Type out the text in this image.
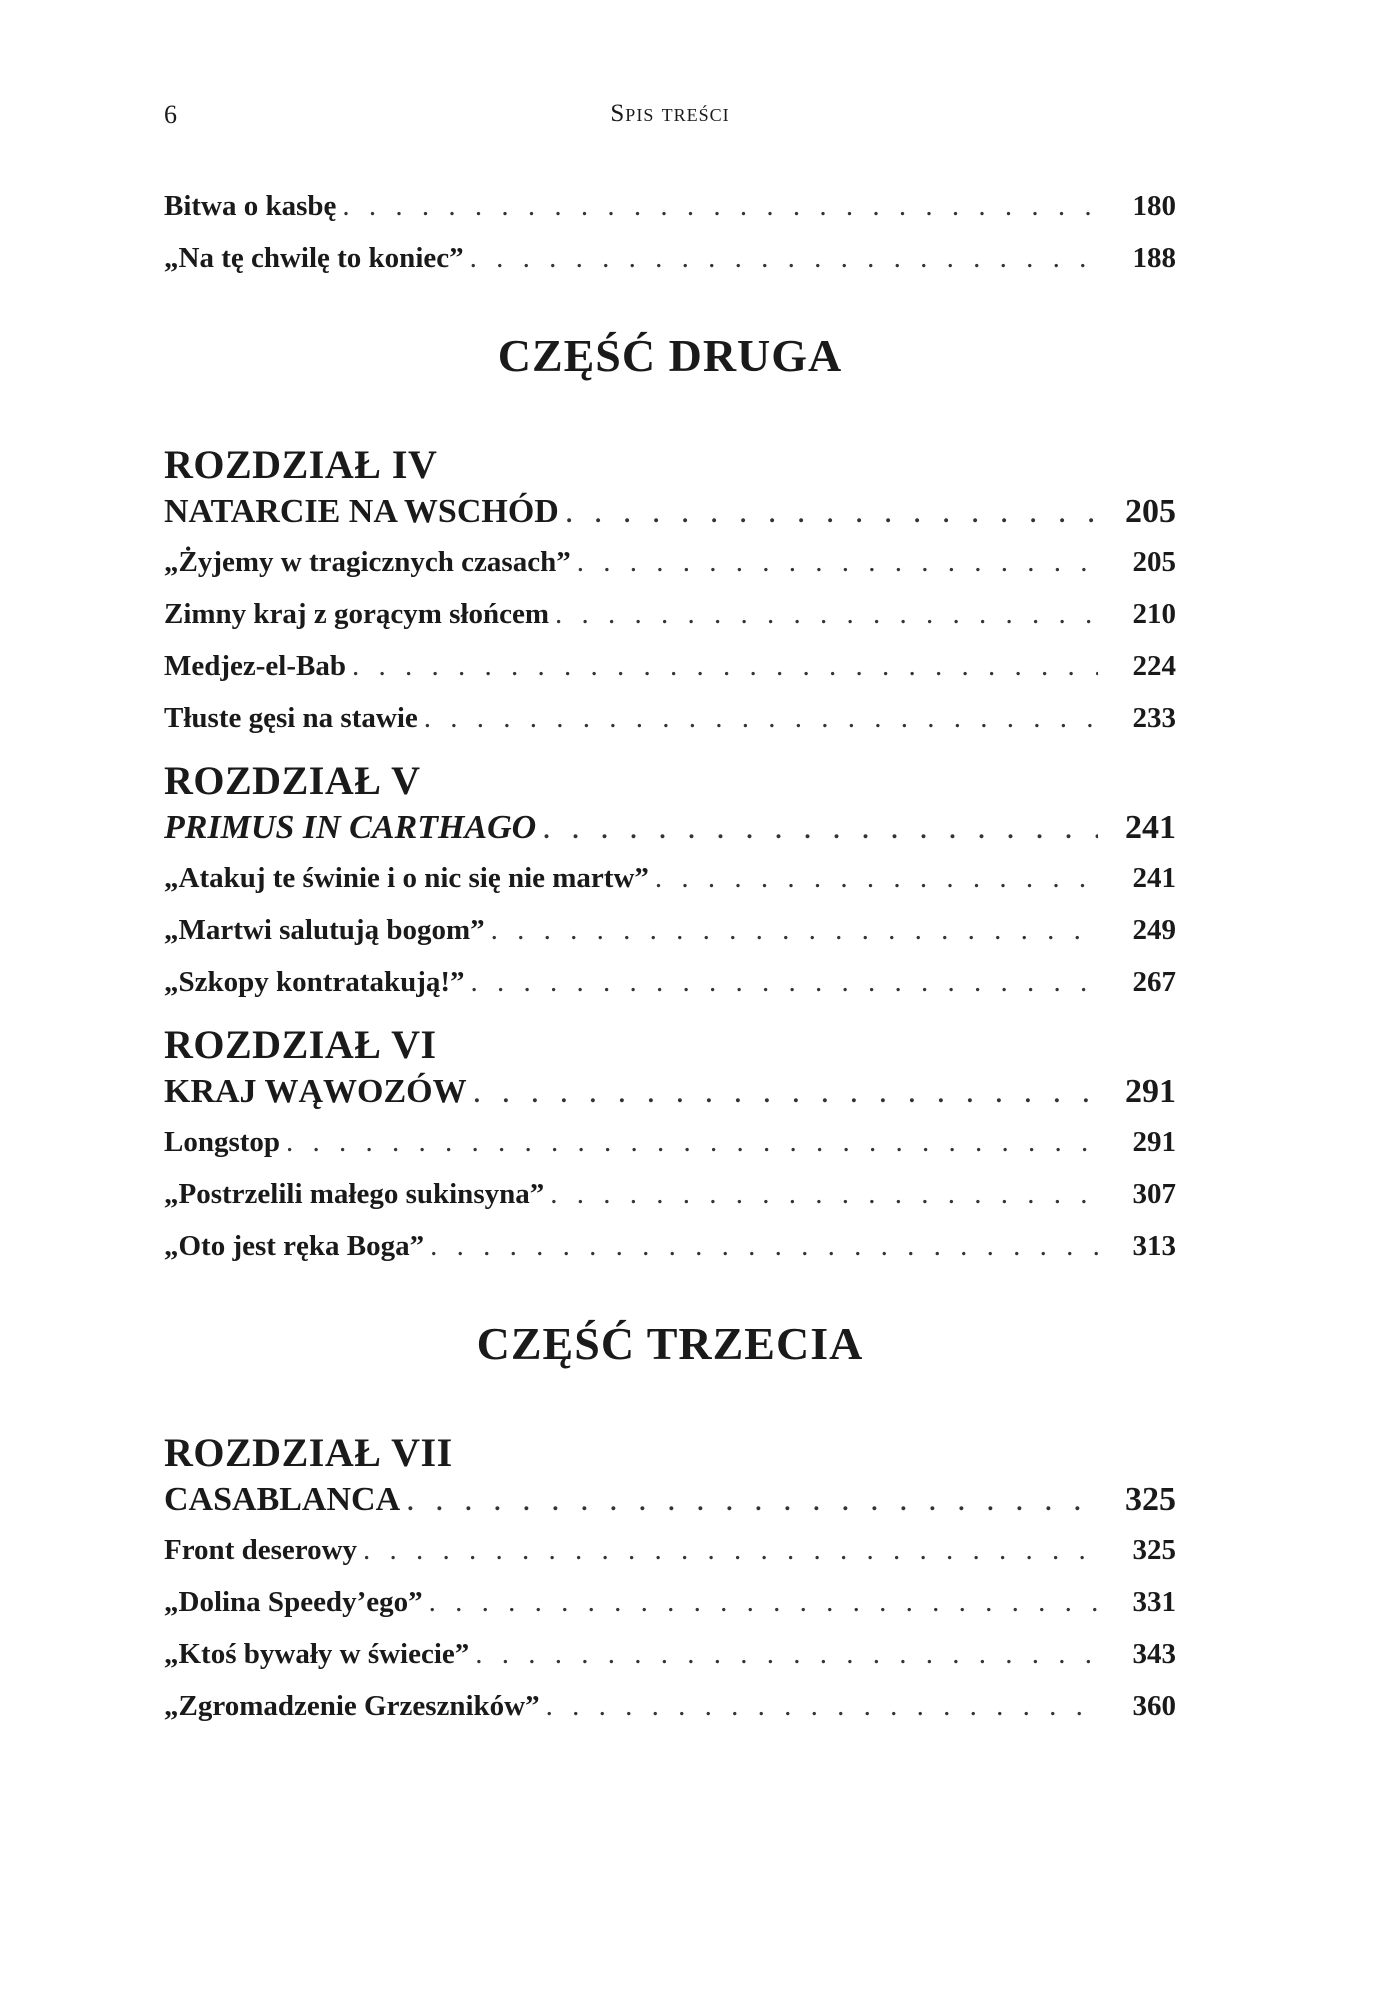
6	Spis treści
Bitwa o kasbę . . .	180
„Na tę chwilę to koniec” . . .	188
CZĘŚĆ DRUGA
ROZDZIAŁ IV
NATARCIE NA WSCHÓD . . .	205
„Żyjemy w tragicznych czasach” . . .	205
Zimny kraj z gorącym słońcem . . .	210
Medjez-el-Bab . . .	224
Tłuste gęsi na stawie . . .	233
ROZDZIAŁ V
PRIMUS IN CARTHAGO . . .	241
„Atakuj te świnie i o nic się nie martw” . . .	241
„Martwi salutują bogom” . . .	249
„Szkopy kontratakują!” . . .	267
ROZDZIAŁ VI
KRAJ WĄWOZÓW . . .	291
Longstop . . .	291
„Postrzelili małego sukinsyna” . . .	307
„Oto jest ręka Boga” . . .	313
CZĘŚĆ TRZECIA
ROZDZIAŁ VII
CASABLANCA . . .	325
Front deserowy . . .	325
„Dolina Speedy’ego” . . .	331
„Ktoś bywały w świecie” . . .	343
„Zgromadzenie Grzeszników” . . .	360
